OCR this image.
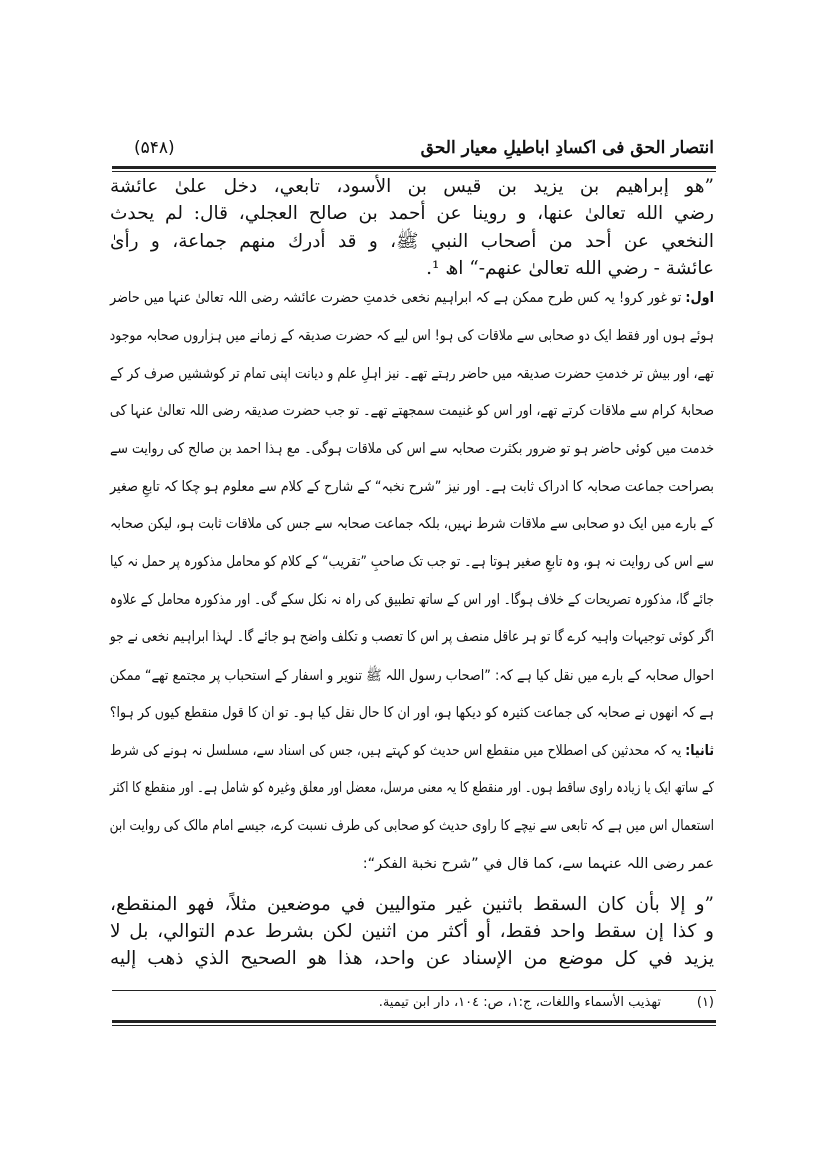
انتصار الحق فی اکسادِ اباطیلِ معیار الحق
(۵۴۸)
”هو إبراهيم بن يزيد بن قيس بن الأسود، تابعي، دخل علىٰ عائشة
رضي الله تعالىٰ عنها، و روينا عن أحمد بن صالح العجلي، قال: لم يحدث
النخعي عن أحد من أصحاب النبي ﷺ، و قد أدرك منهم جماعة، و رأىٰ
عائشة - رضي الله تعالىٰ عنهم-“ اھ ¹.
اول: تو غور کرو! یہ کس طرح ممکن ہے کہ ابراہیم نخعی خدمتِ حضرت عائشہ رضی اللہ تعالیٰ عنہا میں حاضر
ہوئے ہوں اور فقط ایک دو صحابی سے ملاقات کی ہو! اس لیے کہ حضرت صدیقہ کے زمانے میں ہزاروں صحابہ موجود
تھے، اور بیش تر خدمتِ حضرت صدیقہ میں حاضر رہتے تھے۔ نیز اہلِ علم و دیانت اپنی تمام تر کوششیں صرف کر کے
صحابۂ کرام سے ملاقات کرتے تھے، اور اس کو غنیمت سمجھتے تھے۔ تو جب حضرت صدیقہ رضی اللہ تعالیٰ عنہا کی
خدمت میں کوئی حاضر ہو تو ضرور بکثرت صحابہ سے اس کی ملاقات ہوگی۔ مع ہذا احمد بن صالح کی روایت سے
بصراحت جماعت صحابہ کا ادراک ثابت ہے۔ اور نیز ”شرح نخبہ“ کے شارح کے کلام سے معلوم ہو چکا کہ تابعِ صغیر
کے بارے میں ایک دو صحابی سے ملاقات شرط نہیں، بلکہ جماعت صحابہ سے جس کی ملاقات ثابت ہو، لیکن صحابہ
سے اس کی روایت نہ ہو، وہ تابعِ صغیر ہوتا ہے۔ تو جب تک صاحبِ ”تقریب“ کے کلام کو محامل مذکورہ پر حمل نہ کیا
جائے گا، مذکورہ تصریحات کے خلاف ہوگا۔ اور اس کے ساتھ تطبیق کی راہ نہ نکل سکے گی۔ اور مذکورہ محامل کے علاوہ
اگر کوئی توجیہات واہیہ کرے گا تو ہر عاقل منصف پر اس کا تعصب و تکلف واضح ہو جائے گا۔ لہذا ابراہیم نخعی نے جو
احوال صحابہ کے بارے میں نقل کیا ہے کہ: ”اصحاب رسول اللہ ﷺ تنویر و اسفار کے استحباب پر مجتمع تھے“ ممکن
ہے کہ انھوں نے صحابہ کی جماعت کثیرہ کو دیکھا ہو، اور ان کا حال نقل کیا ہو۔ تو ان کا قول منقطع کیوں کر ہوا؟
ثانیا: یہ کہ محدثین کی اصطلاح میں منقطع اس حدیث کو کہتے ہیں، جس کی اسناد سے، مسلسل نہ ہونے کی شرط
کے ساتھ ایک یا زیادہ راوی ساقط ہوں۔ اور منقطع کا یہ معنی مرسل، معضل اور معلق وغیرہ کو شامل ہے۔ اور منقطع کا اکثر
استعمال اس میں ہے کہ تابعی سے نیچے کا راوی حدیث کو صحابی کی طرف نسبت کرے، جیسے امام مالک کی روایت ابن
عمر رضی اللہ عنہما سے، کما قال في ”شرح نخبة الفكر“:
”و إلا بأن كان السقط باثنين غير متواليين في موضعين مثلاً، فهو المنقطع،
و كذا إن سقط واحد فقط، أو أكثر من اثنين لكن بشرط عدم التوالي، بل لا
يزيد في كل موضع من الإسناد عن واحد، هذا هو الصحيح الذي ذهب إليه
(۱)
تهذيب الأسماء واللغات، ج:۱، ص: ۱۰٤، دار ابن تيمية.
